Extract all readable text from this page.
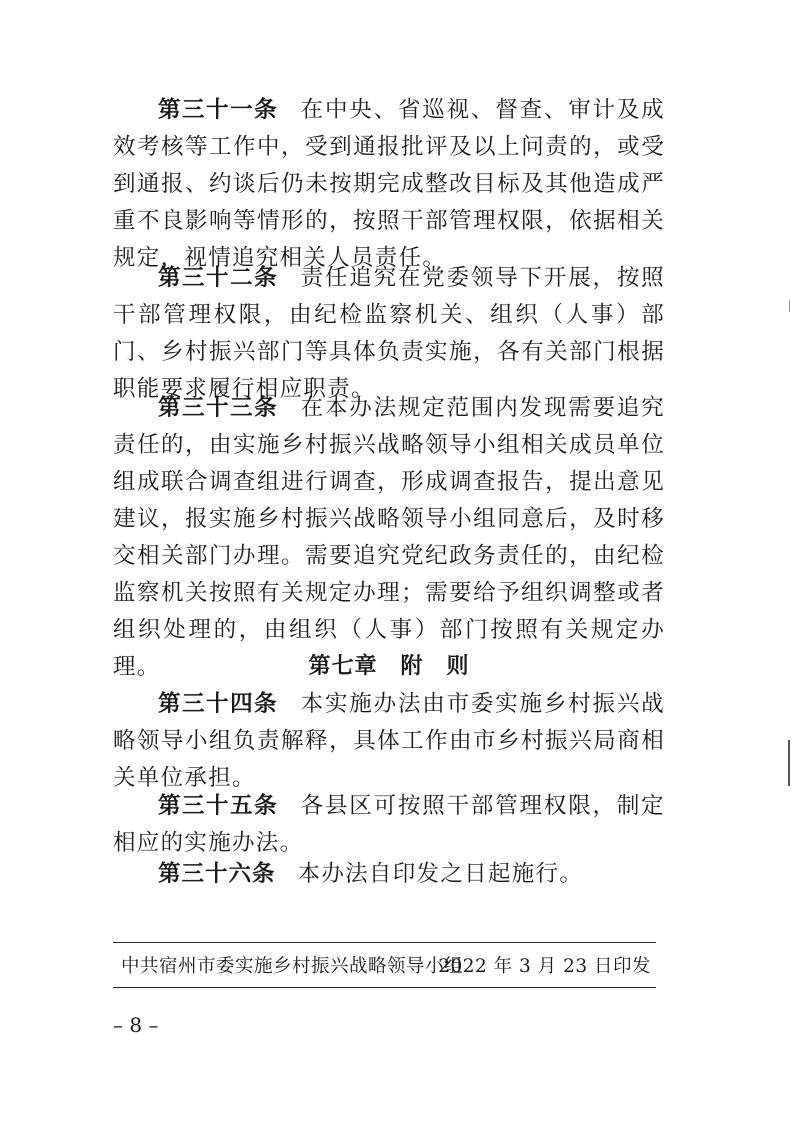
第三十一条 在中央、省巡视、督查、审计及成效考核等工作中，受到通报批评及以上问责的，或受到通报、约谈后仍未按期完成整改目标及其他造成严重不良影响等情形的，按照干部管理权限，依据相关规定，视情追究相关人员责任。

第三十二条 责任追究在党委领导下开展，按照干部管理权限，由纪检监察机关、组织（人事）部门、乡村振兴部门等具体负责实施，各有关部门根据职能要求履行相应职责。

第三十三条 在本办法规定范围内发现需要追究责任的，由实施乡村振兴战略领导小组相关成员单位组成联合调查组进行调查，形成调查报告，提出意见建议，报实施乡村振兴战略领导小组同意后，及时移交相关部门办理。需要追究党纪政务责任的，由纪检监察机关按照有关规定办理；需要给予组织调整或者组织处理的，由组织（人事）部门按照有关规定办理。	第七章　附　则

第三十四条 本实施办法由市委实施乡村振兴战略领导小组负责解释，具体工作由市乡村振兴局商相关单位承担。

第三十五条 各县区可按照干部管理权限，制定相应的实施办法。

第三十六条 本办法自印发之日起施行。

中共宿州市委实施乡村振兴战略领导小组
2022 年 3 月 23 日印发
– 8 –
